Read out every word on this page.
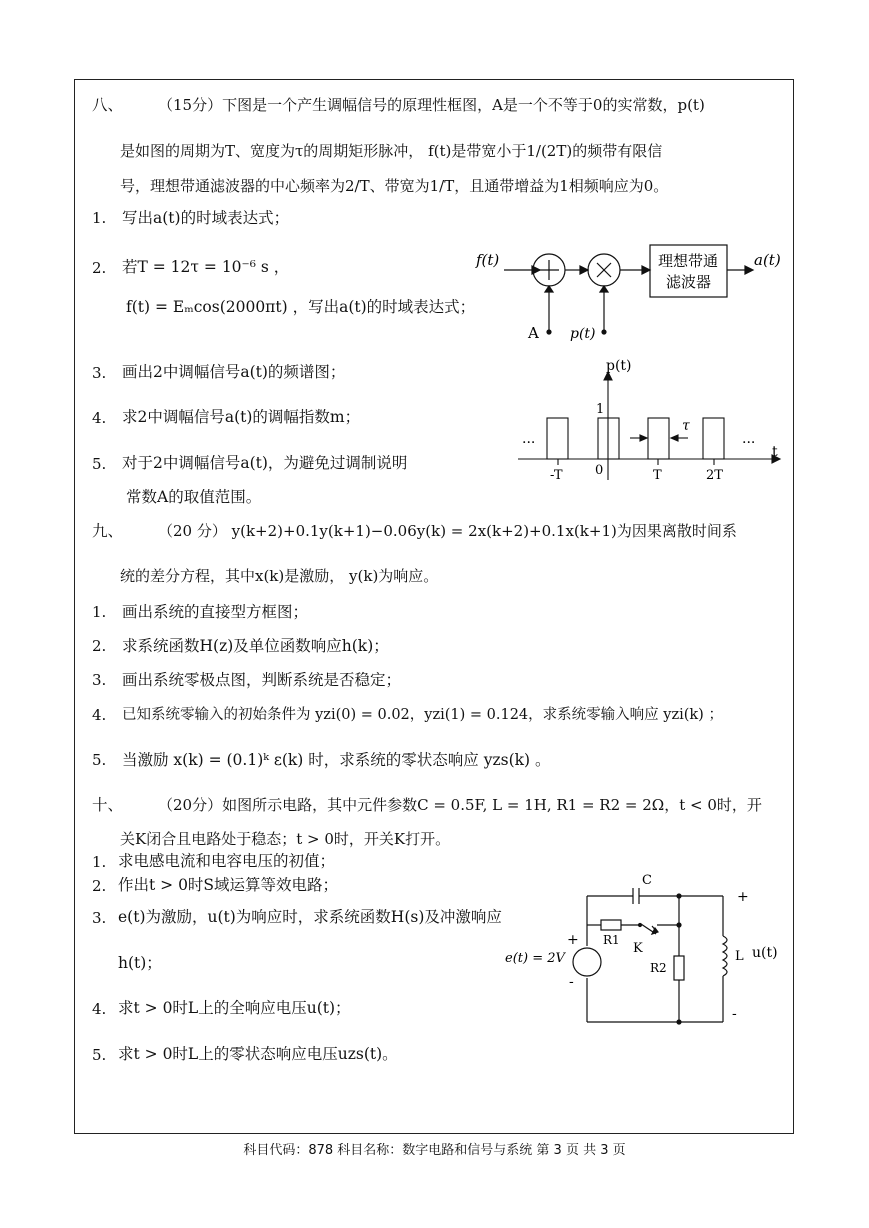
八、 （15分）下图是一个产生调幅信号的原理性框图，A是一个不等于0的实常数，p(t)
是如图的周期为T、宽度为τ的周期矩形脉冲， f(t)是带宽小于1/(2T)的频带有限信
号，理想带通滤波器的中心频率为2/T、带宽为1/T，且通带增益为1相频响应为0。
1. 写出a(t)的时域表达式；
2. 若T = 12τ = 10⁻⁶ s ，
f(t) = Eₘcos(2000πt) ，写出a(t)的时域表达式；
3. 画出2中调幅信号a(t)的频谱图；
4. 求2中调幅信号a(t)的调幅指数m；
5. 对于2中调幅信号a(t)，为避免过调制说明
常数A的取值范围。
f(t)	a(t)
A p(t)
理想带通
滤波器
p(t)
1
...	...
τ
t
-T 0	T	2T
九、 （20 分） y(k+2)+0.1y(k+1)−0.06y(k) = 2x(k+2)+0.1x(k+1)为因果离散时间系
统的差分方程，其中x(k)是激励， y(k)为响应。
1. 画出系统的直接型方框图；
2. 求系统函数H(z)及单位函数响应h(k)；
3. 画出系统零极点图，判断系统是否稳定；
4. 已知系统零输入的初始条件为 yzi(0) = 0.02，yzi(1) = 0.124，求系统零输入响应 yzi(k) ；
5. 当激励 x(k) = (0.1)ᵏ ε(k) 时，求系统的零状态响应 yzs(k) 。
十、 （20分）如图所示电路，其中元件参数C = 0.5F, L = 1H, R1 = R2 = 2Ω，t < 0时，开
关K闭合且电路处于稳态；t > 0时，开关K打开。
1. 求电感电流和电容电压的初值；
2. 作出t > 0时S域运算等效电路；
3. e(t)为激励，u(t)为响应时，求系统函数H(s)及冲激响应
h(t)；
4. 求t > 0时L上的全响应电压u(t)；
5. 求t > 0时L上的零状态响应电压uzs(t)。
C
R1
K
R2
L u(t)
e(t) = 2V
+
-
+
-
科目代码：878 科目名称：数字电路和信号与系统 第 3 页 共 3 页
